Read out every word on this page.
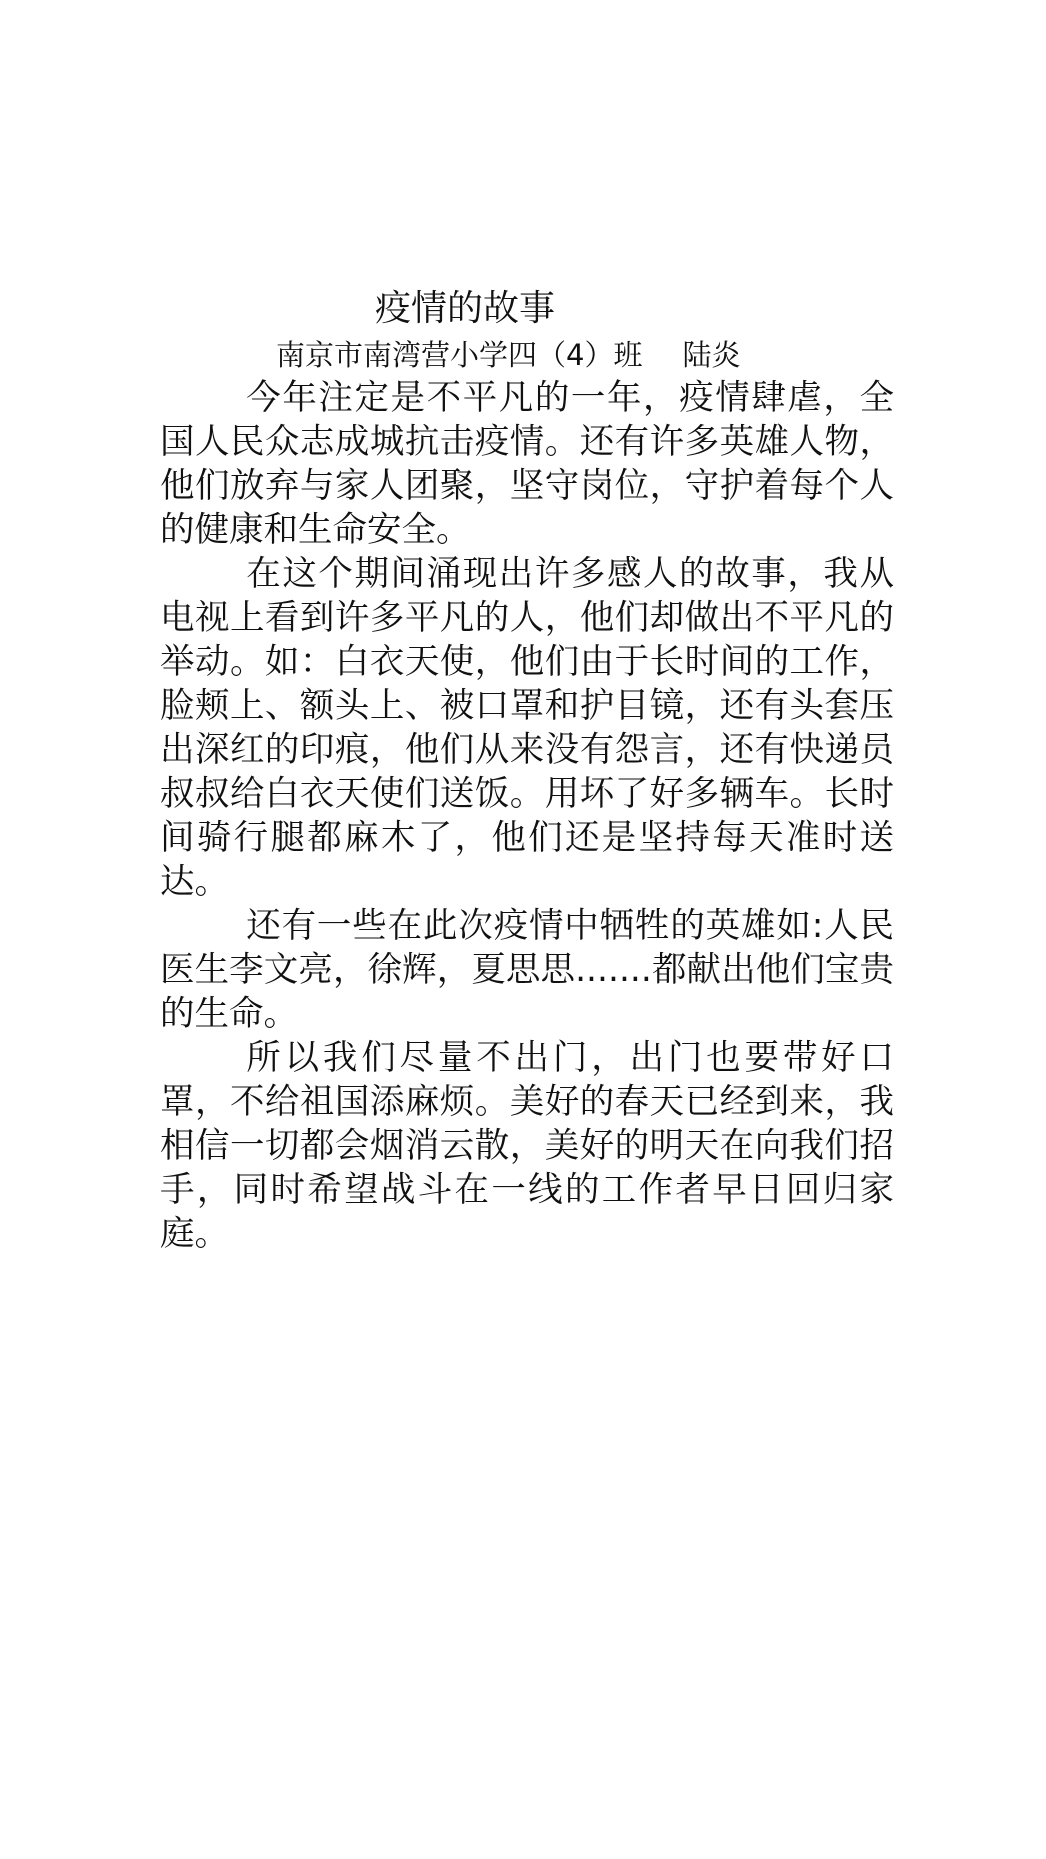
疫情的故事

南京市南湾营小学四（4）班 陆炎

今年注定是不平凡的一年，疫情肆虐，全国人民众志成城抗击疫情。还有许多英雄人物，他们放弃与家人团聚，坚守岗位，守护着每个人的健康和生命安全。

在这个期间涌现出许多感人的故事，我从电视上看到许多平凡的人，他们却做出不平凡的举动。如：白衣天使，他们由于长时间的工作，脸颊上、额头上、被口罩和护目镜，还有头套压出深红的印痕，他们从来没有怨言，还有快递员叔叔给白衣天使们送饭。用坏了好多辆车。长时间骑行腿都麻木了，他们还是坚持每天准时送达。

还有一些在此次疫情中牺牲的英雄如:人民医生李文亮，徐辉，夏思思.......都献出他们宝贵的生命。

所以我们尽量不出门，出门也要带好口罩，不给祖国添麻烦。美好的春天已经到来，我相信一切都会烟消云散，美好的明天在向我们招手，同时希望战斗在一线的工作者早日回归家庭。
